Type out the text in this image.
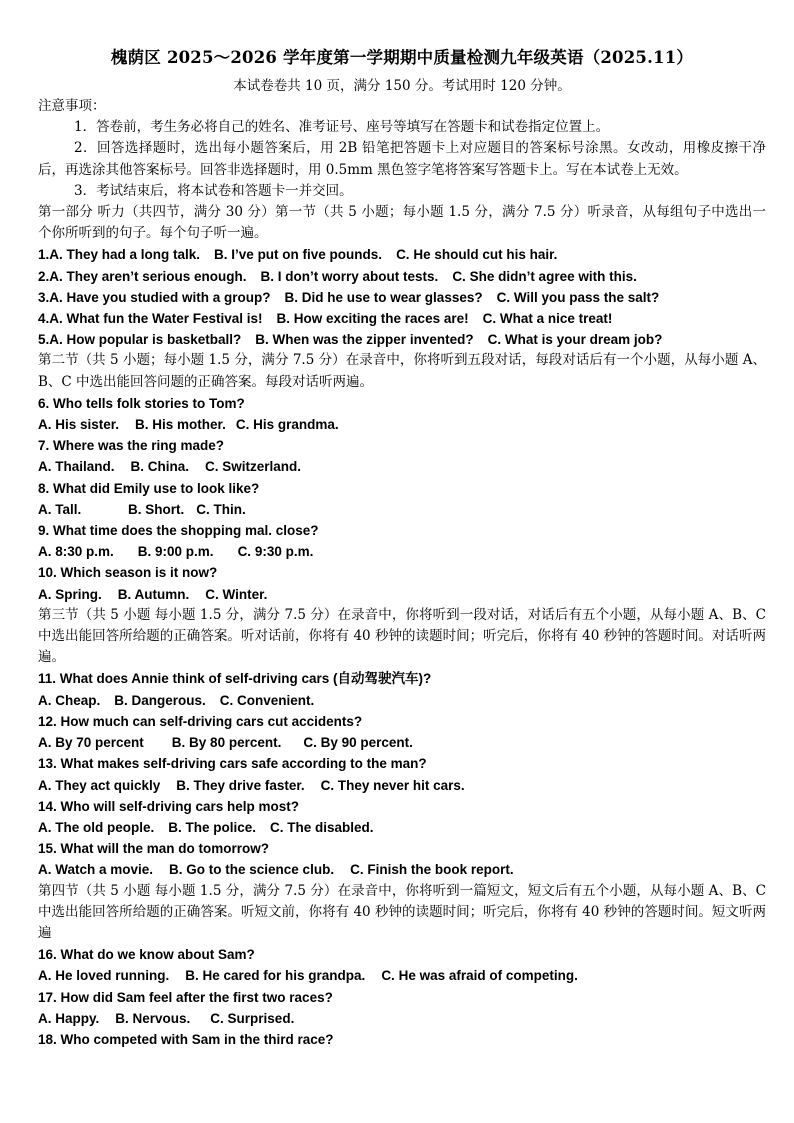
槐荫区 2025～2026 学年度第一学期期中质量检测九年级英语（2025.11）

本试卷卷共 10 页，满分 150 分。考试用时 120 分钟。

注意事项：

1．答卷前，考生务必将自己的姓名、准考证号、座号等填写在答题卡和试卷指定位置上。

2．回答选择题时，选出每小题答案后，用 2B 铅笔把答题卡上对应题目的答案标号涂黑。女改动，用橡皮擦干净后，再选涂其他答案标号。回答非选择题时，用 0.5mm 黑色签字笔将答案写答题卡上。写在本试卷上无效。

3．考试结束后，将本试卷和答题卡一并交回。

第一部分 听力（共四节，满分 30 分）第一节（共 5 小题；每小题 1.5 分，满分 7.5 分）听录音，从每组句子中选出一个你所听到的句子。每个句子听一遍。

1.A. They had a long talk. B. I’ve put on five pounds. C. He should cut his hair.

2.A. They aren’t serious enough. B. I don’t worry about tests. C. She didn’t agree with this.

3.A. Have you studied with a group? B. Did he use to wear glasses? C. Will you pass the salt?

4.A. What fun the Water Festival is! B. How exciting the races are! C. What a nice treat!

5.A. How popular is basketball? B. When was the zipper invented? C. What is your dream job?

第二节（共 5 小题；每小题 1.5 分，满分 7.5 分）在录音中，你将听到五段对话，每段对话后有一个小题，从每小题 A、B、C 中选出能回答问题的正确答案。每段对话听两遍。

6. Who tells folk stories to Tom?

A. His sister. B. His mother. C. His grandma.

7. Where was the ring made?

A. Thailand. B. China. C. Switzerland.

8. What did Emily use to look like?

A. Tall.	B. Short. C. Thin.

9. What time does the shopping mal. close?

A. 8:30 p.m. B. 9:00 p.m. C. 9:30 p.m.

10. Which season is it now?

A. Spring. B. Autumn. C. Winter.

第三节（共 5 小题 每小题 1.5 分，满分 7.5 分）在录音中，你将听到一段对话，对话后有五个小题，从每小题 A、B、C 中选出能回答所给题的正确答案。听对话前，你将有 40 秒钟的读题时间；听完后，你将有 40 秒钟的答题时间。对话听两遍。

11. What does Annie think of self-driving cars (自动驾驶汽车)?

A. Cheap. B. Dangerous. C. Convenient.

12. How much can self-driving cars cut accidents?

A. By 70 percent B. By 80 percent. C. By 90 percent.

13. What makes self-driving cars safe according to the man?

A. They act quickly B. They drive faster. C. They never hit cars.

14. Who will self-driving cars help most?

A. The old people. B. The police. C. The disabled.

15. What will the man do tomorrow?

A. Watch a movie. B. Go to the science club. C. Finish the book report.

第四节（共 5 小题 每小题 1.5 分，满分 7.5 分）在录音中，你将听到一篇短文，短文后有五个小题，从每小题 A、B、C 中选出能回答所给题的正确答案。听短文前，你将有 40 秒钟的读题时间；听完后，你将有 40 秒钟的答题时间。短文听两遍

16. What do we know about Sam?

A. He loved running. B. He cared for his grandpa. C. He was afraid of competing.

17. How did Sam feel after the first two races?

A. Happy. B. Nervous. C. Surprised.

18. Who competed with Sam in the third race?
